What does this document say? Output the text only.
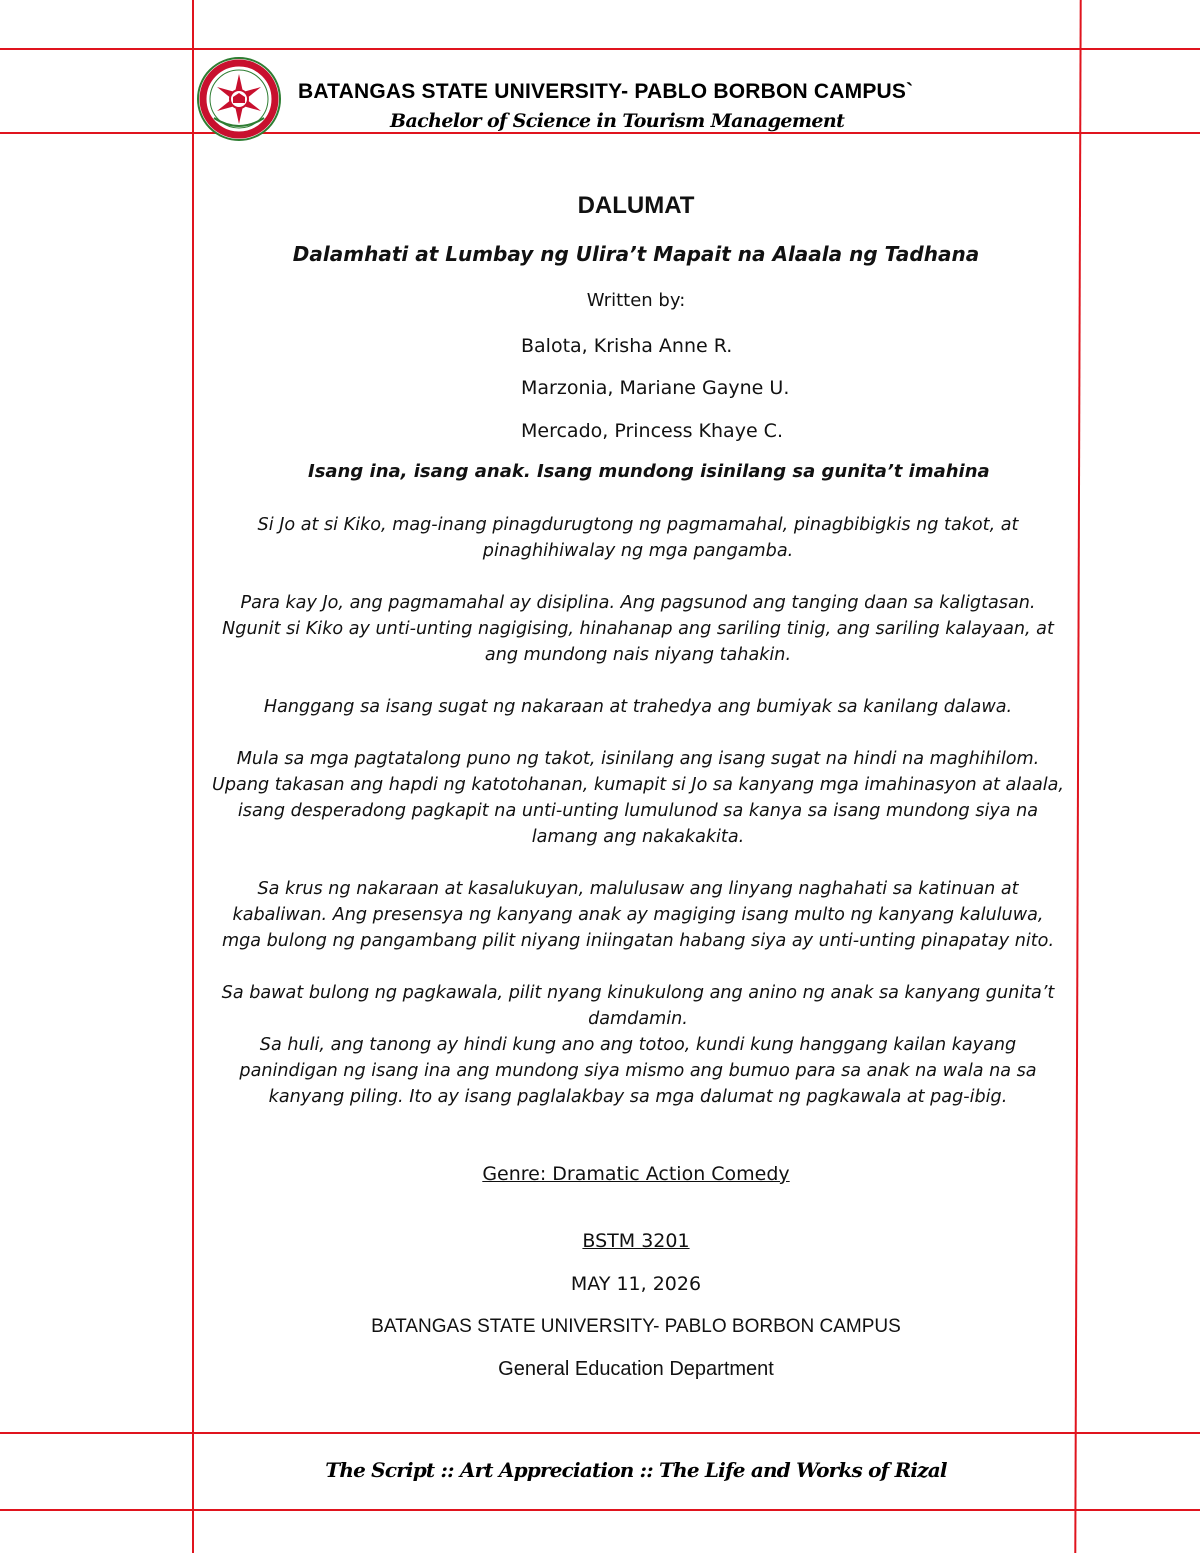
BATANGAS STATE UNIVERSITY- PABLO BORBON CAMPUS`
Bachelor of Science in Tourism Management
DALUMAT
Dalamhati at Lumbay ng Ulira’t Mapait na Alaala ng Tadhana
Written by:
Balota, Krisha Anne R.
Marzonia, Mariane Gayne U.
Mercado, Princess Khaye C.
Isang ina, isang anak. Isang mundong isinilang sa gunita’t imahina

Si Jo at si Kiko, mag-inang pinagdurugtong ng pagmamahal, pinagbibigkis ng takot, at pinaghihiwalay ng mga pangamba.

Para kay Jo, ang pagmamahal ay disiplina. Ang pagsunod ang tanging daan sa kaligtasan. Ngunit si Kiko ay unti-unting nagigising, hinahanap ang sariling tinig, ang sariling kalayaan, at ang mundong nais niyang tahakin.

Hanggang sa isang sugat ng nakaraan at trahedya ang bumiyak sa kanilang dalawa.

Mula sa mga pagtatalong puno ng takot, isinilang ang isang sugat na hindi na maghihilom. Upang takasan ang hapdi ng katotohanan, kumapit si Jo sa kanyang mga imahinasyon at alaala, isang desperadong pagkapit na unti-unting lumulunod sa kanya sa isang mundong siya na lamang ang nakakakita.

Sa krus ng nakaraan at kasalukuyan, malulusaw ang linyang naghahati sa katinuan at kabaliwan. Ang presensya ng kanyang anak ay magiging isang multo ng kanyang kaluluwa, mga bulong ng pangambang pilit niyang iniingatan habang siya ay unti-unting pinapatay nito.

Sa bawat bulong ng pagkawala, pilit nyang kinukulong ang anino ng anak sa kanyang gunita’t damdamin.

Sa huli, ang tanong ay hindi kung ano ang totoo, kundi kung hanggang kailan kayang panindigan ng isang ina ang mundong siya mismo ang bumuo para sa anak na wala na sa kanyang piling. Ito ay isang paglalakbay sa mga dalumat ng pagkawala at pag-ibig.

Genre: Dramatic Action Comedy
BSTM 3201
MAY 11, 2026
BATANGAS STATE UNIVERSITY- PABLO BORBON CAMPUS
General Education Department
The Script :: Art Appreciation :: The Life and Works of Rizal
